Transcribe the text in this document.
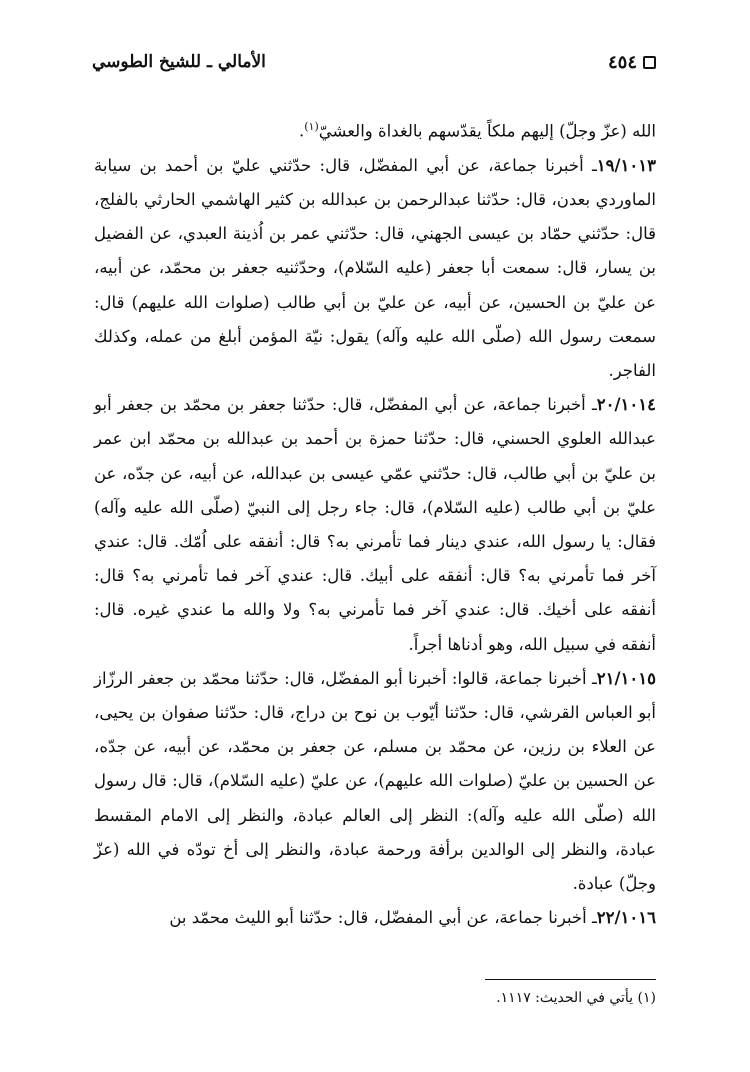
٤٥٤
الأمالي ـ للشيخ الطوسي

الله (عزّ وجلّ) إليهم ملكاً يقدّسهم بالغداة والعشيّ$^{(١)}$.

١٩/١٠١٣ـ أخبرنا جماعة، عن أبي المفضّل، قال: حدّثني عليّ بن أحمد بن سيابة الماوردي بعدن، قال: حدّثنا عبدالرحمن بن عبدالله بن كثير الهاشمي الحارثي بالفلج، قال: حدّثني حمّاد بن عيسى الجهني، قال: حدّثني عمر بن اُذينة العبدي، عن الفضيل بن يسار، قال: سمعت أبا جعفر (عليه السّلام)، وحدّثنيه جعفر بن محمّد، عن أبيه، عن عليّ بن الحسين، عن أبيه، عن عليّ بن أبي طالب (صلوات الله عليهم) قال: سمعت رسول الله (صلّى الله عليه وآله) يقول: نيّة المؤمن أبلغ من عمله، وكذلك الفاجر.

٢٠/١٠١٤ـ أخبرنا جماعة، عن أبي المفضّل، قال: حدّثنا جعفر بن محمّد بن جعفر أبو عبدالله العلوي الحسني، قال: حدّثنا حمزة بن أحمد بن عبدالله بن محمّد ابن عمر بن عليّ بن أبي طالب، قال: حدّثني عمّي عيسى بن عبدالله، عن أبيه، عن جدّه، عن عليّ بن أبي طالب (عليه السّلام)، قال: جاء رجل إلى النبيّ (صلّى الله عليه وآله) فقال: يا رسول الله، عندي دينار فما تأمرني به؟ قال: أنفقه على اُمّك. قال: عندي آخر فما تأمرني به؟ قال: أنفقه على أبيك. قال: عندي آخر فما تأمرني به؟ قال: أنفقه على أخيك. قال: عندي آخر فما تأمرني به؟ ولا والله ما عندي غيره. قال: أنفقه في سبيل الله، وهو أدناها أجراً.

٢١/١٠١٥ـ أخبرنا جماعة، قالوا: أخبرنا أبو المفضّل، قال: حدّثنا محمّد بن جعفر الرزّاز أبو العباس القرشي، قال: حدّثنا أيّوب بن نوح بن دراج، قال: حدّثنا صفوان بن يحيى، عن العلاء بن رزين، عن محمّد بن مسلم، عن جعفر بن محمّد، عن أبيه، عن جدّه، عن الحسين بن عليّ (صلوات الله عليهم)، عن عليّ (عليه السّلام)، قال: قال رسول الله (صلّى الله عليه وآله): النظر إلى العالم عبادة، والنظر إلى الامام المقسط عبادة، والنظر إلى الوالدين برأفة ورحمة عبادة، والنظر إلى أخ تودّه في الله (عزّ وجلّ) عبادة.

٢٢/١٠١٦ـ أخبرنا جماعة، عن أبي المفضّل، قال: حدّثنا أبو الليث محمّد بن

(١) يأتي في الحديث: ١١١٧.
